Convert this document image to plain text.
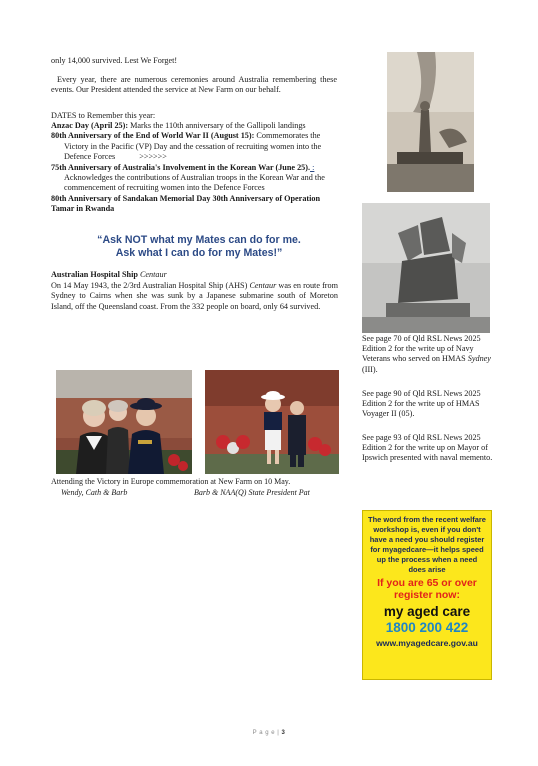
only 14,000 survived. Lest We Forget!
Every year, there are numerous ceremonies around Australia remembering these events. Our President attended the service at New Farm on our behalf.
DATES to Remember this year:
Anzac Day (April 25): Marks the 110th anniversary of the Gallipoli landings
80th Anniversary of the End of World War II (August 15): Commemorates the Victory in the Pacific (VP) Day and the cessation of recruiting women into the Defence Forces	>>>>>>
75th Anniversary of Australia's Involvement in the Korean War (June 25). : Acknowledges the contributions of Australian troops in the Korean War and the commencement of recruiting women into the Defence Forces
80th Anniversary of Sandakan Memorial Day 30th Anniversary of Operation Tamar in Rwanda
“Ask NOT what my Mates can do for me. Ask what I can do for my Mates!”
Australian Hospital Ship Centaur
On 14 May 1943, the 2/3rd Australian Hospital Ship (AHS) Centaur was en route from Sydney to Cairns when she was sunk by a Japanese submarine south of Moreton Island, off the Queensland coast. From the 332 people on board, only 64 survived.
Attending the Victory in Europe commemoration at New Farm on 10 May.
Wendy, Cath & Barb	Barb & NAA(Q) State President Pat
See page 70 of Qld RSL News 2025 Edition 2 for the write up of Navy Veterans who served on HMAS Sydney (III).
See page 90 of Qld RSL News 2025 Edition 2 for the write up of HMAS Voyager II (05).
See page 93 of Qld RSL News 2025 Edition 2 for the write up on Mayor of Ipswich presented with naval memento.
The word from the recent welfare workshop is, even if you don't have a need you should register for myagedcare—it helps speed up the process when a need does arise
If you are 65 or over register now:
my aged care
1800 200 422
www.myagedcare.gov.au
P a g e | 3
